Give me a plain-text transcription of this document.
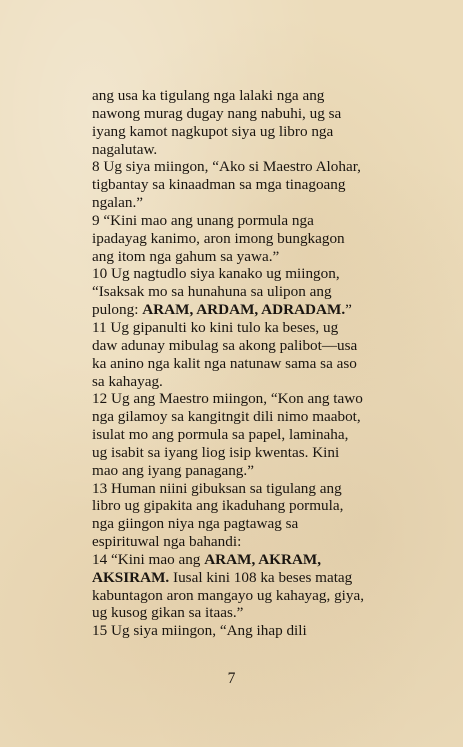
ang usa ka tigulang nga lalaki nga ang
nawong murag dugay nang nabuhi, ug sa
iyang kamot nagkupot siya ug libro nga
nagalutaw.
8 Ug siya miingon, “Ako si Maestro Alohar,
tigbantay sa kinaadman sa mga tinagoang
ngalan.”
9 “Kini mao ang unang pormula nga
ipadayag kanimo, aron imong bungkagon
ang itom nga gahum sa yawa.”
10 Ug nagtudlo siya kanako ug miingon,
“Isaksak mo sa hunahuna sa ulipon ang
pulong: ARAM, ARDAM, ADRADAM.”
11 Ug gipanulti ko kini tulo ka beses, ug
daw adunay mibulag sa akong palibot—usa
ka anino nga kalit nga natunaw sama sa aso
sa kahayag.
12 Ug ang Maestro miingon, “Kon ang tawo
nga gilamoy sa kangitngit dili nimo maabot,
isulat mo ang pormula sa papel, laminaha,
ug isabit sa iyang liog isip kwentas. Kini
mao ang iyang panagang.”
13 Human niini gibuksan sa tigulang ang
libro ug gipakita ang ikaduhang pormula,
nga giingon niya nga pagtawag sa
espirituwal nga bahandi:
14 “Kini mao ang ARAM, AKRAM,
AKSIRAM. Iusal kini 108 ka beses matag
kabuntagon aron mangayo ug kahayag, giya,
ug kusog gikan sa itaas.”
15 Ug siya miingon, “Ang ihap dili
7
